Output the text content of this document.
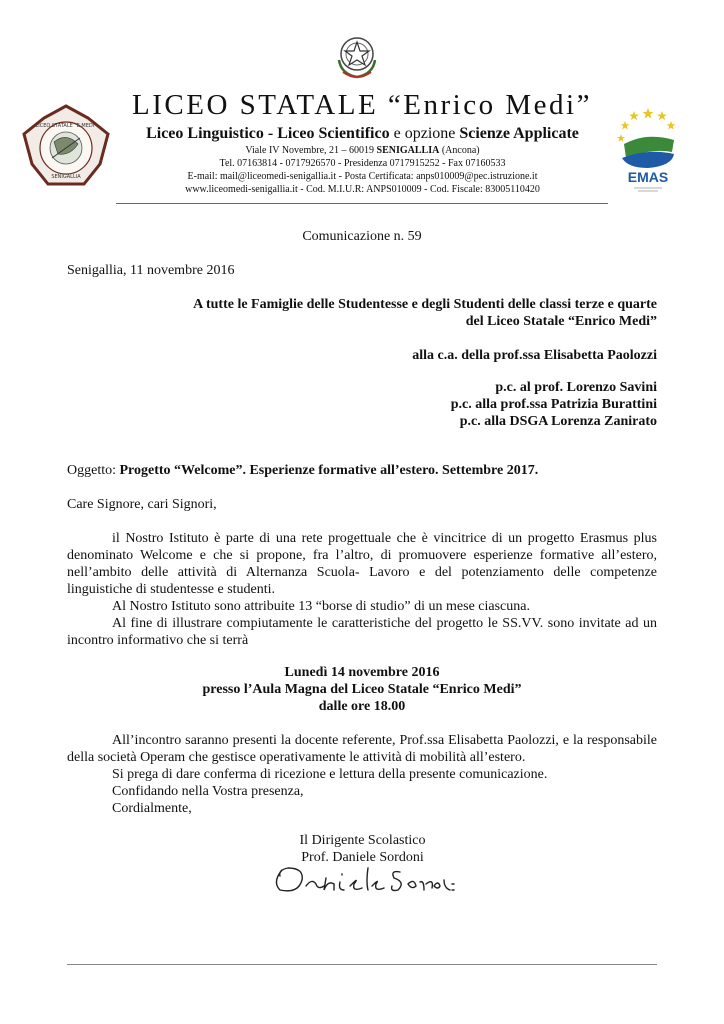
LICEO STATALE "E.MEDI"
SENIGALLIA	EMAS
LICEO STATALE “Enrico Medi”
Liceo Linguistico - Liceo Scientifico e opzione Scienze Applicate
Viale IV Novembre, 21 – 60019 SENIGALLIA (Ancona)
Tel. 07163814 - 0717926570 - Presidenza 0717915252 - Fax 07160533
E-mail: mail@liceomedi-senigallia.it - Posta Certificata: anps010009@pec.istruzione.it
www.liceomedi-senigallia.it - Cod. M.I.U.R: ANPS010009 - Cod. Fiscale: 83005110420
Comunicazione n. 59
Senigallia, 11 novembre 2016
A tutte le Famiglie delle Studentesse e degli Studenti delle classi terze e quarte
del Liceo Statale “Enrico Medi”
alla c.a. della prof.ssa Elisabetta Paolozzi
p.c. al prof. Lorenzo Savini
p.c. alla prof.ssa Patrizia Burattini
p.c. alla DSGA Lorenza Zanirato
Oggetto: Progetto “Welcome”. Esperienze formative all’estero. Settembre 2017.
Care Signore, cari Signori,
il Nostro Istituto è parte di una rete progettuale che è vincitrice di un progetto Erasmus plus denominato Welcome e che si propone, fra l’altro, di promuovere esperienze formative all’estero, nell’ambito delle attività di Alternanza Scuola- Lavoro e del potenziamento delle competenze linguistiche di studentesse e studenti.
Al Nostro Istituto sono attribuite 13 “borse di studio” di un mese ciascuna.
Al fine di illustrare compiutamente le caratteristiche del progetto le SS.VV. sono invitate ad un incontro informativo che si terrà
Lunedì 14 novembre 2016
presso l’Aula Magna del Liceo Statale “Enrico Medi”
dalle ore 18.00
All’incontro saranno presenti la docente referente, Prof.ssa Elisabetta Paolozzi, e la responsabile della società Operam che gestisce operativamente le attività di mobilità all’estero.
Si prega di dare conferma di ricezione e lettura della presente comunicazione.
Confidando nella Vostra presenza,
Cordialmente,
Il Dirigente Scolastico
Prof. Daniele Sordoni
